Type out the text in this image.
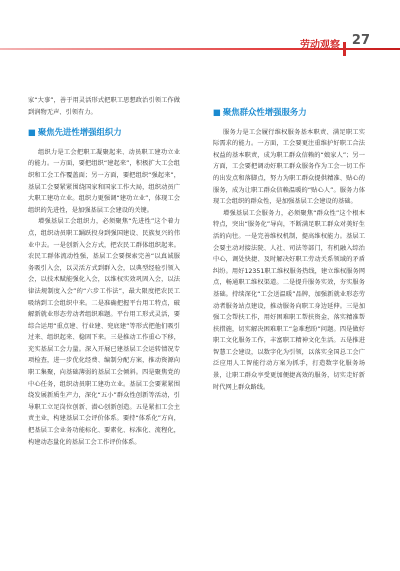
劳动观察 27

家“大事”，善于用灵活形式把职工思想政治引领工作做到润物无声、引领有力。

■ 聚焦先进性增强组织力

组织力是工会把职工凝聚起来、动员职工建功立业的能力。一方面，要把组织“建起来”，积极扩大工会组织和工会工作覆盖面；另一方面，要把组织“强起来”，基层工会要紧紧围绕国家和国家工作大局，组织动员广大职工建功立业。组织力更强调“建功立业”，体现工会组织的先进性，是加强基层工会建设的关键。

增强基层工会组织力，必须聚焦“先进性”这个着力点，组织动员职工踊跃投身到强国建设、民族复兴的伟业中去。一是创新入会方式，把农民工群体组织起来。农民工群体流动性强，基层工会要探索完善“以真诚服务吸引入会，以灵活方式到群入会，以典型经验引领入会，以技术赋能强化入会，以维权实效巩固入会，以法律法规制度入会”的“六步工作法”，最大限度把农民工吸纳到工会组织中来。二是准确把握平台用工特点，破解新就业形态劳动者组织难题。平台用工形式灵活，要综合运用“重点建、行业建、兜底建”等形式把他们吸引过来、组织起来、稳固下来。三是推动工作重心下移，充实基层工会力量。深入开展已建基层工会运转情况专项检查，进一步优化经费、编制分配方案，推动资源向职工集聚，向基础薄弱的基层工会倾斜。四是聚焦党的中心任务，组织动员职工建功立业。基层工会要紧紧围绕发展新质生产力，深化“五小”群众性创新等活动，引导职工立足岗位创新、潜心创新创造。五是紧扣工会主责主业，构建基层工会评价体系。要持“体系化”方向，把基层工会业务功能标化、要素化、标准化、流程化，构建动态量化的基层工会工作评价体系。

■ 聚焦群众性增强服务力

服务力是工会履行维权服务基本职责、满足职工实际需求的能力。一方面，工会要更注重维护好职工合法权益的基本职责，成为职工群众信赖的“娘家人”；另一方面，工会要把调动好职工群众服务作为工会一切工作的出发点和落脚点，努力为职工群众提供精准、贴心的服务，成为让职工群众信赖温暖的“贴心人”。服务力体现工会组织的群众性，是加强基层工会建设的基础。

增强基层工会服务力，必须聚焦“群众性”这个根本特点，突出“服务化”导向，不断满足职工群众对美好生活的向往。一是完善维权机制，提高维权能力。基层工会要主动对接法院、人社、司法等部门，有机融入综治中心，调处快捷、及时解决好职工劳动关系领域的矛盾纠纷。用好12351职工维权服务热线，建立维权服务网点，畅通职工维权渠道。二是提升服务实效，夯实服务基础。持续深化“工会送温暖”品牌，加强新就业形态劳动者服务站点建设，推动服务向职工身边延伸。三是加强工会帮扶工作，用好困难职工帮扶资金，落实精准帮扶措施，切实解决困难职工“急难愁盼”问题。四是做好职工文化服务工作，丰富职工精神文化生活。五是推进智慧工会建设，以数字化为引领，以落实全国总工会广泛应用人工智能行动方案为抓手，打造数字化服务场景，让职工群众享受更加便捷高效的服务，切实走好新时代网上群众路线。
